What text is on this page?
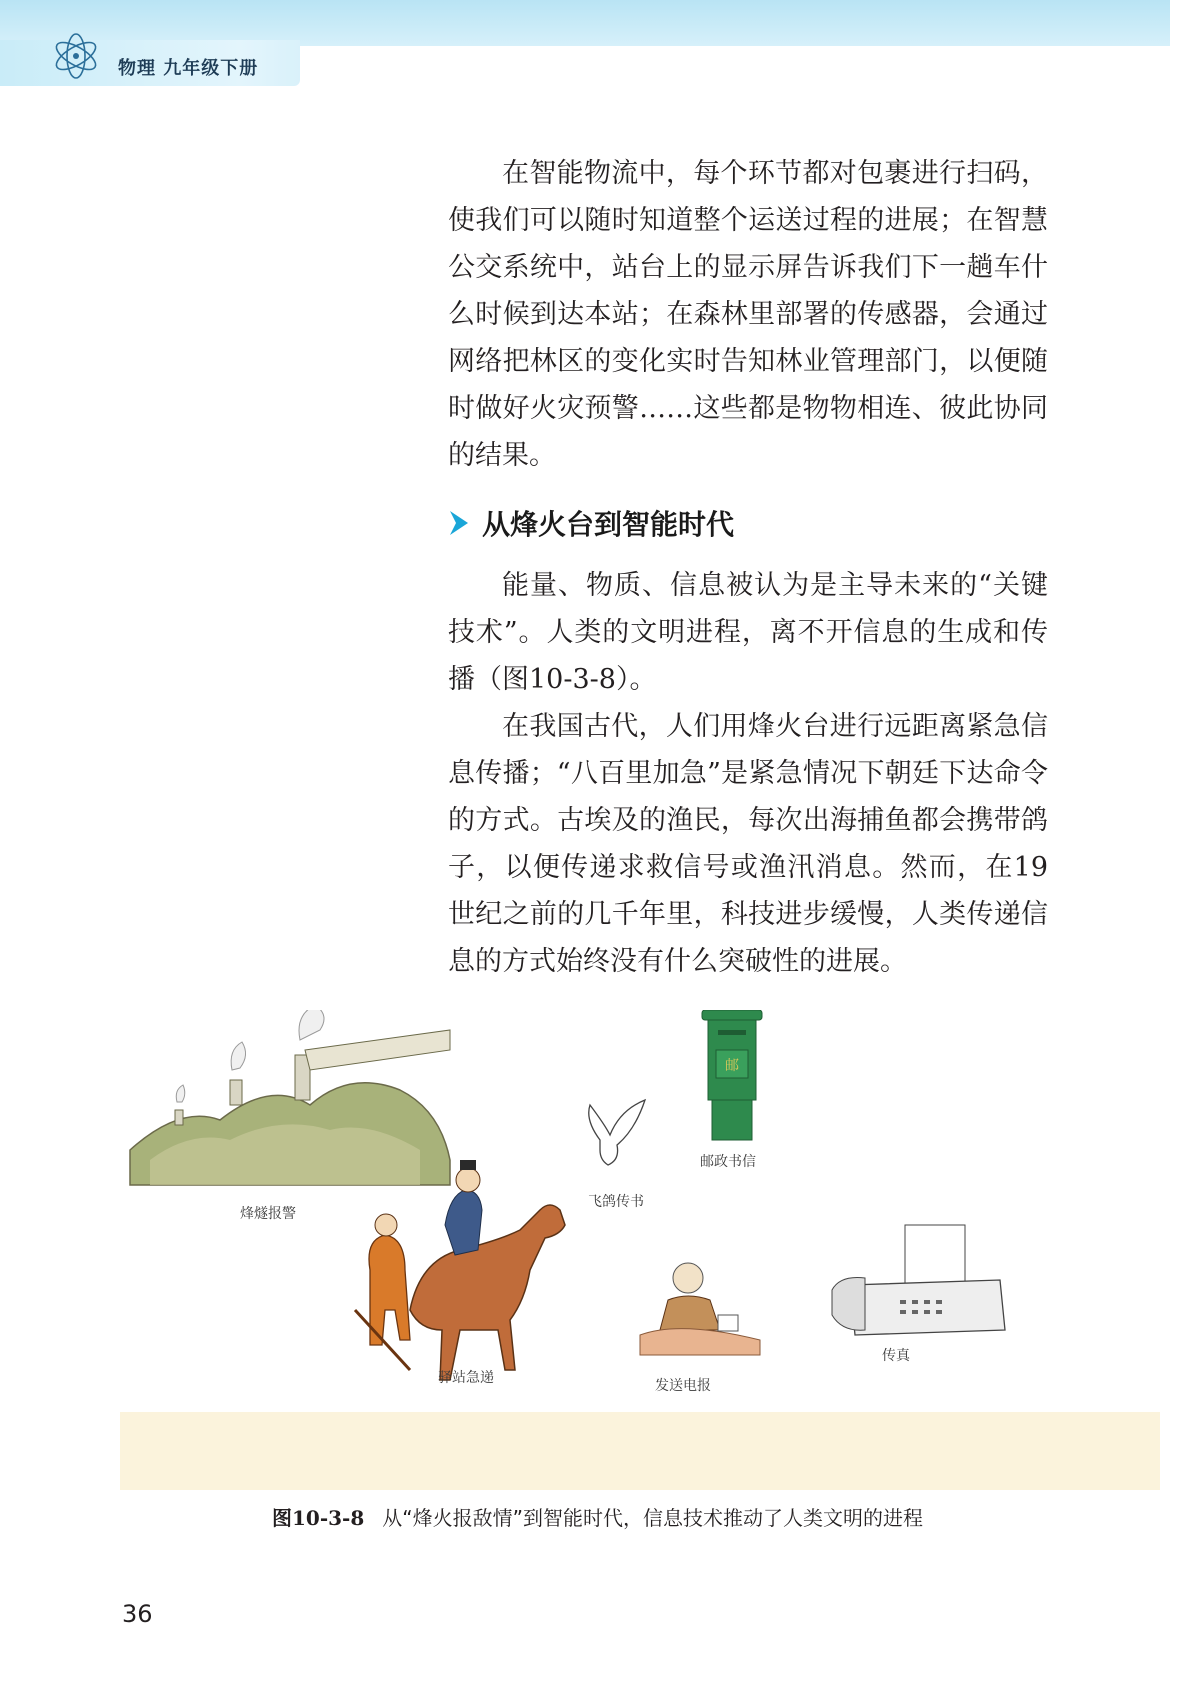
物理 九年级下册

在智能物流中，每个环节都对包裹进行扫码，使我们可以随时知道整个运送过程的进展；在智慧公交系统中，站台上的显示屏告诉我们下一趟车什么时候到达本站；在森林里部署的传感器，会通过网络把林区的变化实时告知林业管理部门，以便随时做好火灾预警……这些都是物物相连、彼此协同的结果。

从烽火台到智能时代

能量、物质、信息被认为是主导未来的“关键技术”。人类的文明进程，离不开信息的生成和传播（图10-3-8）。

在我国古代，人们用烽火台进行远距离紧急信息传播；“八百里加急”是紧急情况下朝廷下达命令的方式。古埃及的渔民，每次出海捕鱼都会携带鸽子，以便传递求救信号或渔汛消息。然而，在19 世纪之前的几千年里，科技进步缓慢，人类传递信息的方式始终没有什么突破性的进展。

烽燧报警
飞鸽传书
邮
邮政书信
驿站急递	发送电报
传真
图10-3-8 从“烽火报敌情”到智能时代，信息技术推动了人类文明的进程
36
